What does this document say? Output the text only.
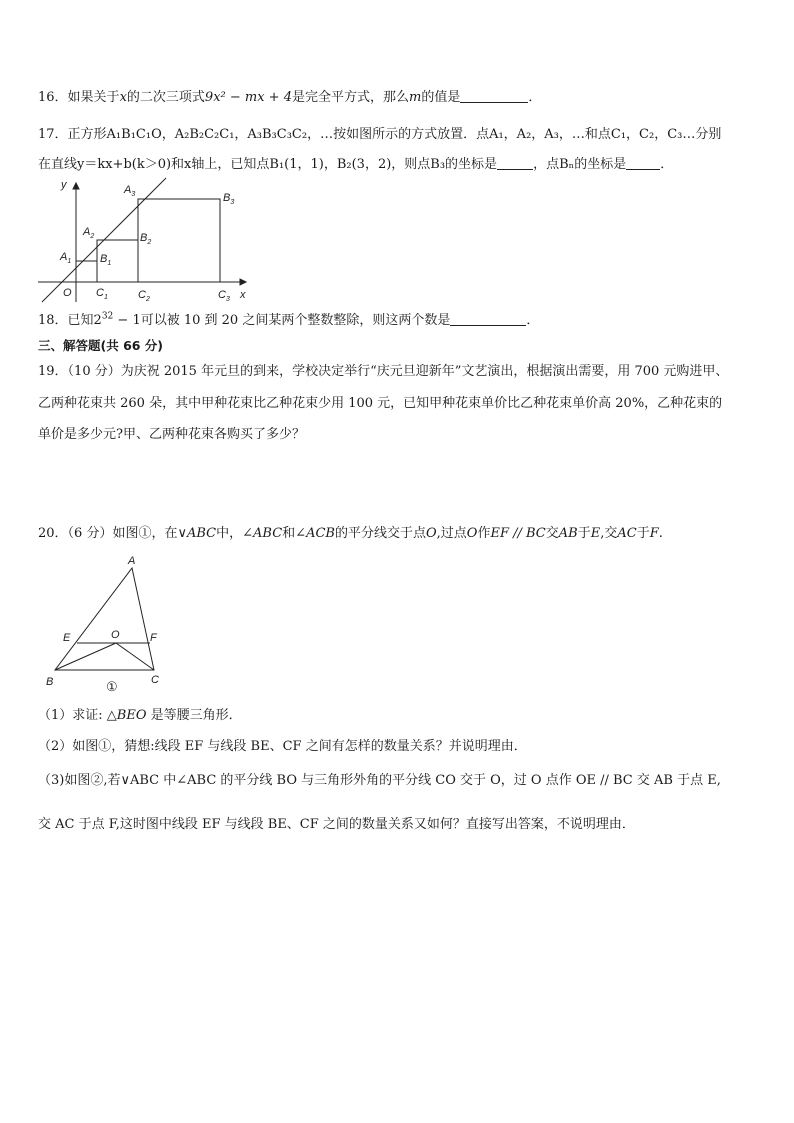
16．如果关于x的二次三项式9x² − mx + 4是完全平方式，那么m的值是	．
17．正方形A₁B₁C₁O，A₂B₂C₂C₁，A₃B₃C₃C₂，…按如图所示的方式放置．点A₁，A₂，A₃，…和点C₁，C₂，C₃…分别
在直线y＝kx+b(k＞0)和x轴上，已知点B₁(1，1)，B₂(3，2)，则点B₃的坐标是	，点Bₙ的坐标是	．
y
x
O
$A_1$
$A_2$
$A_3$
$B_1$
$B_2$
$B_3$
$C_1$	$C_2$	$C_3$
18．已知$2^{32} - 1$可以被 10 到 20 之间某两个整数整除，则这两个数是	．
三、解答题(共 66 分)
19．（10 分）为庆祝 2015 年元旦的到来，学校决定举行“庆元旦迎新年”文艺演出，根据演出需要，用 700 元购进甲、
乙两种花束共 260 朵，其中甲种花束比乙种花束少用 100 元，已知甲种花束单价比乙种花束单价高 20%，乙种花束的
单价是多少元?甲、乙两种花束各购买了多少？
20．（6 分）如图①，在∨ABC中，∠ABC和∠ACB的平分线交于点O,过点O作EF // BC交AB于E,交AC于F.
A
B	C
E	F
O
①
（1）求证: △BEO 是等腰三角形．
（2）如图①，猜想:线段 EF 与线段 BE、CF 之间有怎样的数量关系？并说明理由．
（3)如图②,若∨ABC 中∠ABC 的平分线 BO 与三角形外角的平分线 CO 交于 O，过 O 点作 OE // BC 交 AB 于点 E,
交 AC 于点 F,这时图中线段 EF 与线段 BE、CF 之间的数量关系又如何？直接写出答案，不说明理由．
